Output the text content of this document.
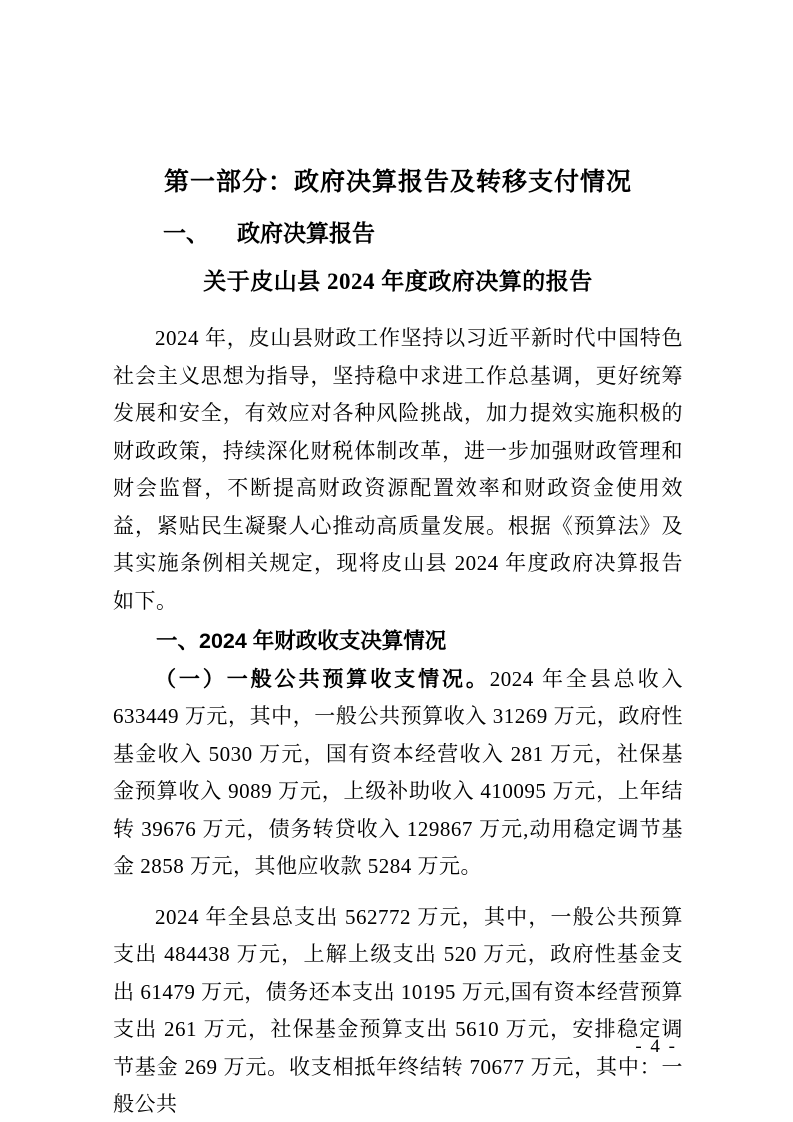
第一部分：政府决算报告及转移支付情况
一、 政府决算报告
关于皮山县 2024 年度政府决算的报告

2024 年，皮山县财政工作坚持以习近平新时代中国特色社会主义思想为指导，坚持稳中求进工作总基调，更好统筹发展和安全，有效应对各种风险挑战，加力提效实施积极的财政政策，持续深化财税体制改革，进一步加强财政管理和财会监督，不断提高财政资源配置效率和财政资金使用效益，紧贴民生凝聚人心推动高质量发展。根据《预算法》及其实施条例相关规定，现将皮山县 2024 年度政府决算报告如下。

一、2024 年财政收支决算情况

（一）一般公共预算收支情况。2024 年全县总收入 633449 万元，其中，一般公共预算收入 31269 万元，政府性基金收入 5030 万元，国有资本经营收入 281 万元，社保基金预算收入 9089 万元，上级补助收入 410095 万元，上年结转 39676 万元，债务转贷收入 129867 万元,动用稳定调节基金 2858 万元，其他应收款 5284 万元。

2024 年全县总支出 562772 万元，其中，一般公共预算支出 484438 万元，上解上级支出 520 万元，政府性基金支出 61479 万元，债务还本支出 10195 万元,国有资本经营预算支出 261 万元，社保基金预算支出 5610 万元，安排稳定调节基金 269 万元。收支相抵年终结转 70677 万元，其中：一般公共

- 4 -
